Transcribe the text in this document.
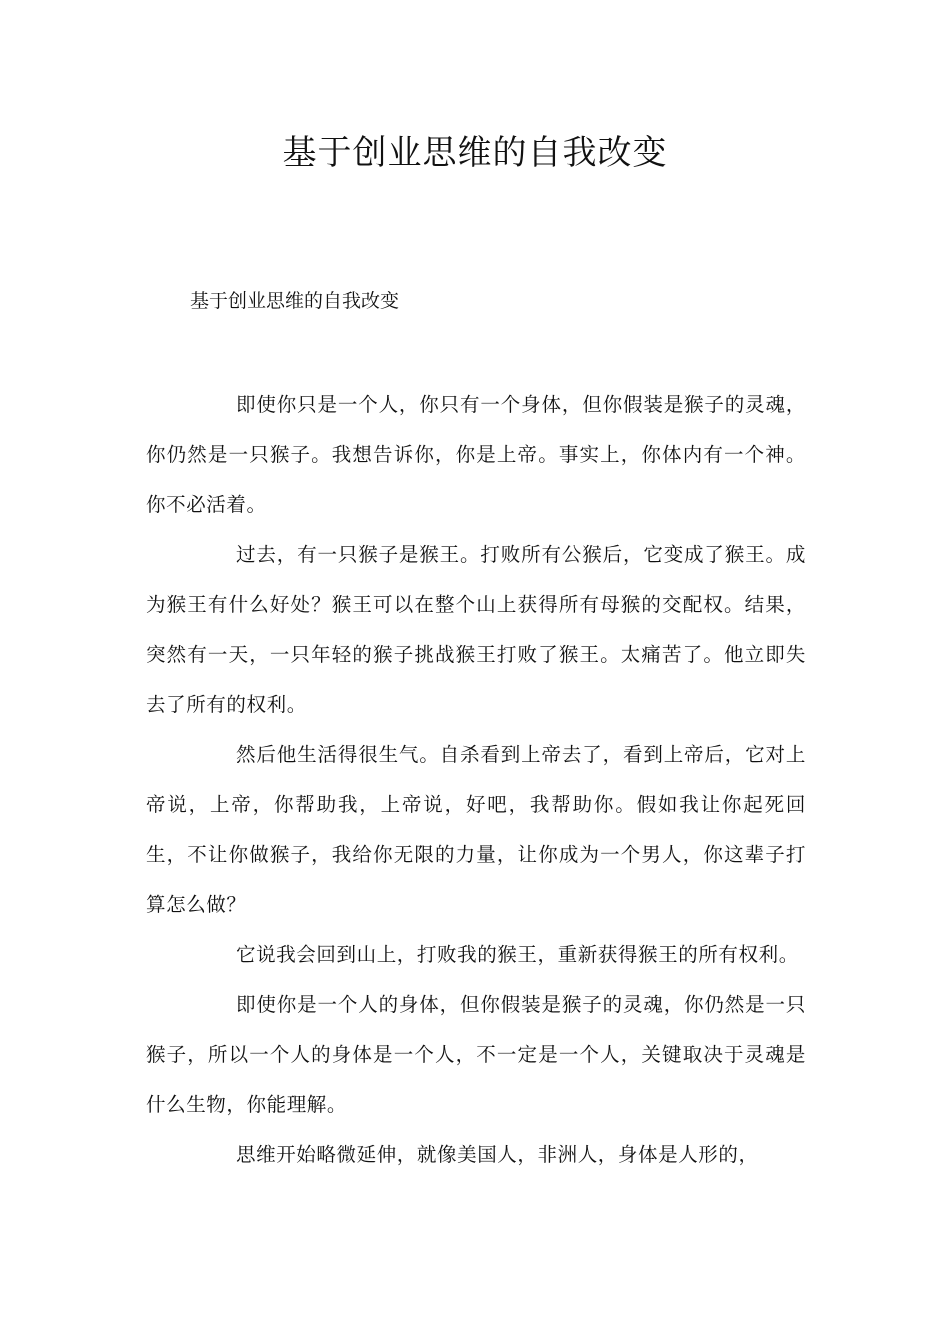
基于创业思维的自我改变

基于创业思维的自我改变

即使你只是一个人，你只有一个身体，但你假装是猴子的灵魂，你仍然是一只猴子。我想告诉你，你是上帝。事实上，你体内有一个神。你不必活着。

过去，有一只猴子是猴王。打败所有公猴后，它变成了猴王。成为猴王有什么好处？猴王可以在整个山上获得所有母猴的交配权。结果，突然有一天，一只年轻的猴子挑战猴王打败了猴王。太痛苦了。他立即失去了所有的权利。

然后他生活得很生气。自杀看到上帝去了，看到上帝后，它对上帝说，上帝，你帮助我，上帝说，好吧，我帮助你。假如我让你起死回生，不让你做猴子，我给你无限的力量，让你成为一个男人，你这辈子打算怎么做？

它说我会回到山上，打败我的猴王，重新获得猴王的所有权利。

即使你是一个人的身体，但你假装是猴子的灵魂，你仍然是一只猴子，所以一个人的身体是一个人，不一定是一个人，关键取决于灵魂是什么生物，你能理解。

思维开始略微延伸，就像美国人，非洲人，身体是人形的，
